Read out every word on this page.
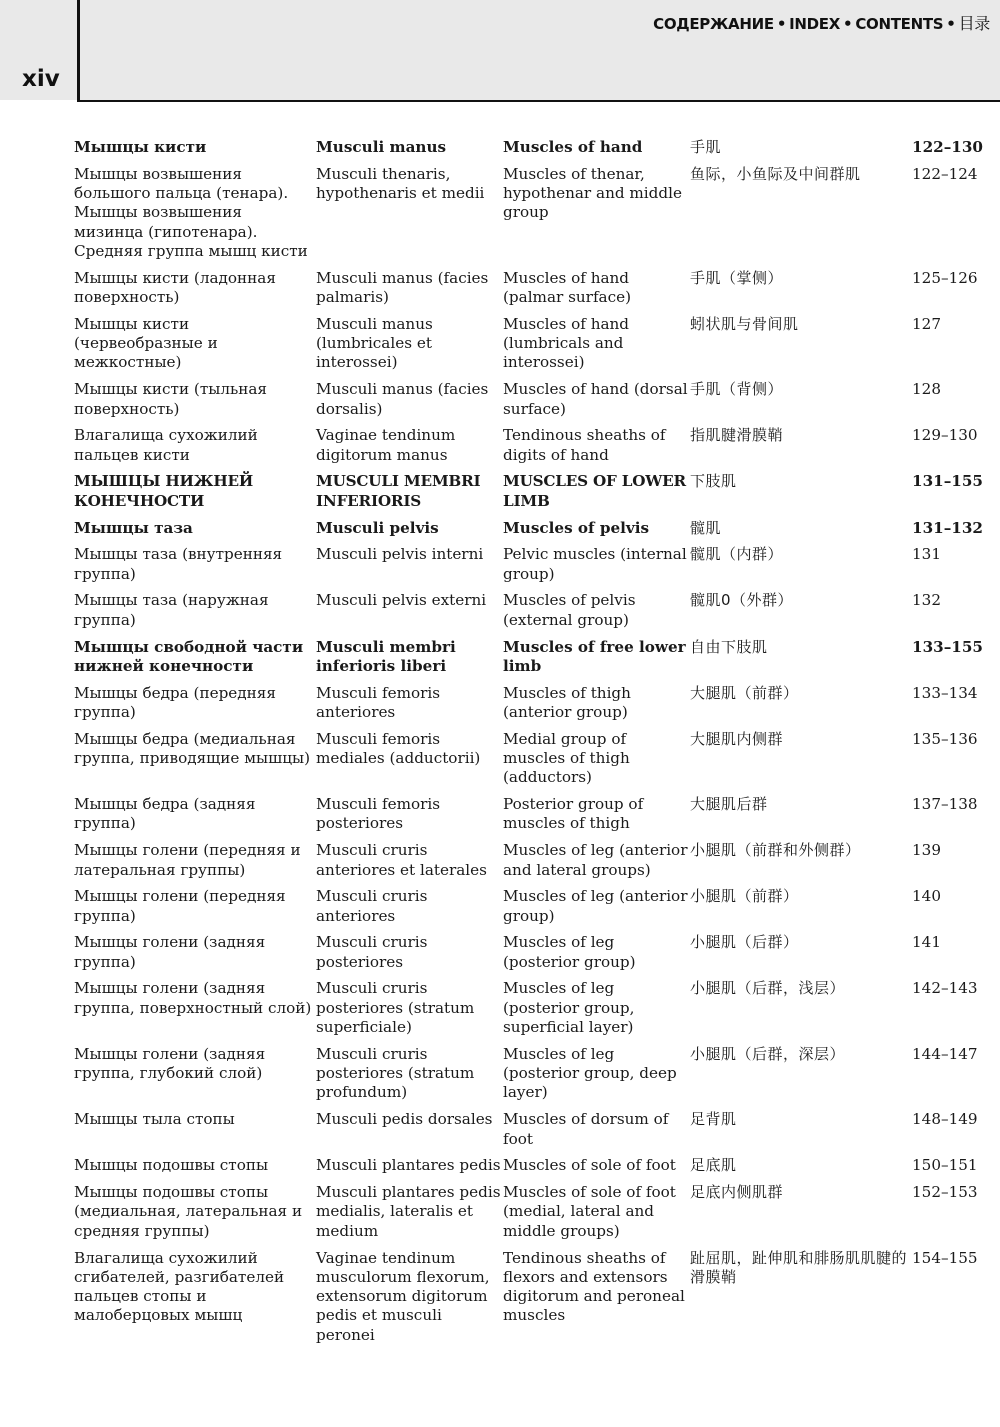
xiv

СОДЕРЖАНИЕ • INDEX • CONTENTS • 目录

Мышцы кисти	Musculi manus	Muscles of hand	手肌	122–130
Мышцы возвышения большого пальца (тенара). Мышцы возвышения мизинца (гипотенара). Средняя группа мышц кисти	Musculi thenaris, hypothenaris et medii	Muscles of thenar, hypothenar and middle group	鱼际，小鱼际及中间群肌	122–124
Мышцы кисти (ладонная поверхность)	Musculi manus (facies palmaris)	Muscles of hand (palmar surface)	手肌（掌侧）	125–126
Мышцы кисти (червеобразные и межкостные)	Musculi manus (lumbricales et interossei)	Muscles of hand (lumbricals and interossei)	蚓状肌与骨间肌	127
Мышцы кисти (тыльная поверхность)	Musculi manus (facies dorsalis)	Muscles of hand (dorsal surface)	手肌（背侧）	128
Влагалища сухожилий пальцев кисти	Vaginae tendinum digitorum manus	Tendinous sheaths of digits of hand	指肌腱滑膜鞘	129–130
МЫШЦЫ НИЖНЕЙ КОНЕЧНОСТИ	MUSCULI MEMBRI INFERIORIS	MUSCLES OF LOWER LIMB	下肢肌	131–155
Мышцы таза	Musculi pelvis	Muscles of pelvis	髋肌	131–132
Мышцы таза (внутренняя группа)	Musculi pelvis interni	Pelvic muscles (internal group)	髋肌（内群）	131
Мышцы таза (наружная группа)	Musculi pelvis externi	Muscles of pelvis (external group)	髋肌0（外群）	132
Мышцы свободной части нижней конечности	Musculi membri inferioris liberi	Muscles of free lower limb	自由下肢肌	133–155
Мышцы бедра (передняя группа)	Musculi femoris anteriores	Muscles of thigh (anterior group)	大腿肌（前群）	133–134
Мышцы бедра (медиальная группа, приводящие мышцы)	Musculi femoris mediales (adductorii)	Medial group of muscles of thigh (adductors)	大腿肌内侧群	135–136
Мышцы бедра (задняя группа)	Musculi femoris posteriores	Posterior group of muscles of thigh	大腿肌后群	137–138
Мышцы голени (передняя и латеральная группы)	Musculi cruris anteriores et laterales	Muscles of leg (anterior and lateral groups)	小腿肌（前群和外侧群）	139
Мышцы голени (передняя группа)	Musculi cruris anteriores	Muscles of leg (anterior group)	小腿肌（前群）	140
Мышцы голени (задняя группа)	Musculi cruris posteriores	Muscles of leg (posterior group)	小腿肌（后群）	141
Мышцы голени (задняя группа, поверхностный слой)	Musculi cruris posteriores (stratum superficiale)	Muscles of leg (posterior group, superficial layer)	小腿肌（后群，浅层）	142–143
Мышцы голени (задняя группа, глубокий слой)	Musculi cruris posteriores (stratum profundum)	Muscles of leg (posterior group, deep layer)	小腿肌（后群，深层）	144–147
Мышцы тыла стопы	Musculi pedis dorsales	Muscles of dorsum of foot	足背肌	148–149
Мышцы подошвы стопы	Musculi plantares pedis	Muscles of sole of foot	足底肌	150–151
Мышцы подошвы стопы (медиальная, латеральная и средняя группы)	Musculi plantares pedis medialis, lateralis et medium	Muscles of sole of foot (medial, lateral and middle groups)	足底内侧肌群	152–153
Влагалища сухожилий сгибателей, разгибателей пальцев стопы и малоберцовых мышц	Vaginae tendinum musculorum flexorum, extensorum digitorum pedis et musculi peronei	Tendinous sheaths of flexors and extensors digitorum and peroneal muscles	趾屈肌，趾伸肌和腓肠肌肌腱的滑膜鞘	154–155
